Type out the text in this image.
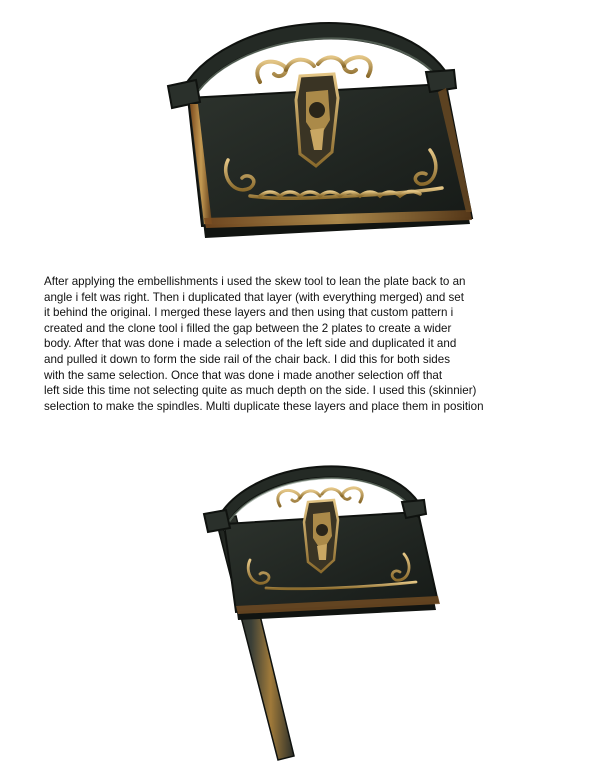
After applying the embellishments i used the skew tool to lean the plate back to an
angle i felt was right. Then i duplicated that layer (with everything merged) and set
it behind the original. I merged these layers and then using that custom pattern i
created and the clone tool i filled the gap between the 2 plates to create a wider
body. After that was done i made a selection of the left side and duplicated it and
and pulled it down to form the side rail of the chair back. I did this for both sides
with the same selection. Once that was done i made another selection off that
left side this time not selecting quite as much depth on the side. I used this (skinnier)
selection to make the spindles. Multi duplicate these layers and place them in position
